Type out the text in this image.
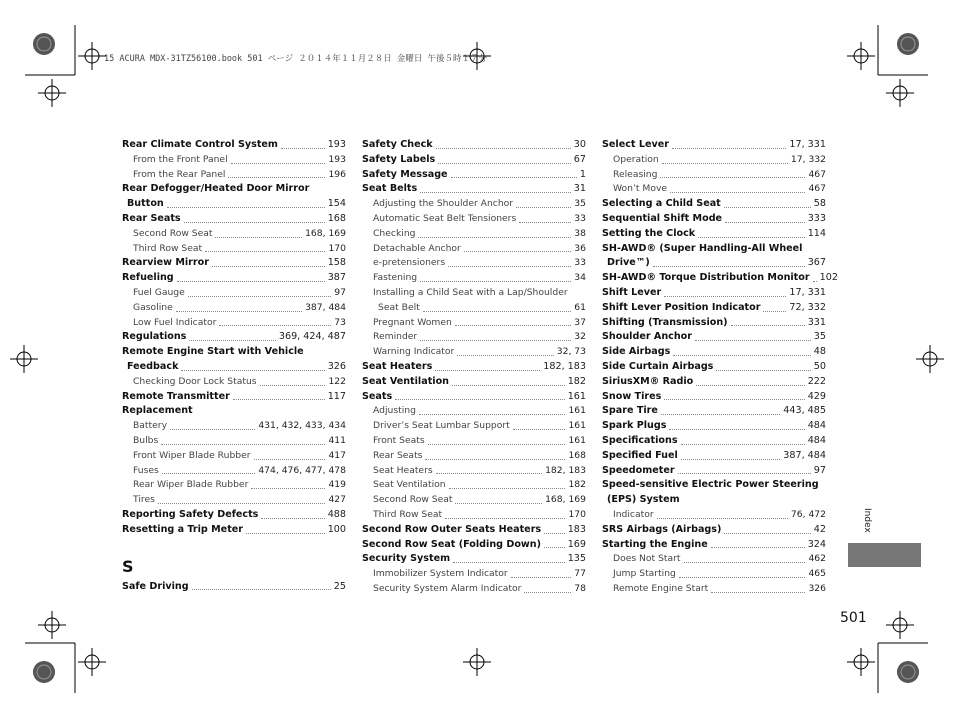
15 ACURA MDX-31TZ56100.book 501 ページ ２０１４年１１月２８日 金曜日 午後５時１７分
Rear Climate Control System	193
From the Front Panel	193
From the Rear Panel	196
Rear Defogger/Heated Door Mirror
Button	154
Rear Seats	168
Second Row Seat	168, 169
Third Row Seat	170
Rearview Mirror	158
Refueling	387
Fuel Gauge	97
Gasoline	387, 484
Low Fuel Indicator	73
Regulations	369, 424, 487
Remote Engine Start with Vehicle
Feedback	326
Checking Door Lock Status	122
Remote Transmitter	117
Replacement
Battery	431, 432, 433, 434
Bulbs	411
Front Wiper Blade Rubber	417
Fuses	474, 476, 477, 478
Rear Wiper Blade Rubber	419
Tires	427
Reporting Safety Defects	488
Resetting a Trip Meter	100
S
Safe Driving	25
Safety Check	30
Safety Labels	67
Safety Message	1
Seat Belts	31
Adjusting the Shoulder Anchor	35
Automatic Seat Belt Tensioners	33
Checking	38
Detachable Anchor	36
e-pretensioners	33
Fastening	34
Installing a Child Seat with a Lap/Shoulder
Seat Belt	61
Pregnant Women	37
Reminder	32
Warning Indicator	32, 73
Seat Heaters	182, 183
Seat Ventilation	182
Seats	161
Adjusting	161
Driver’s Seat Lumbar Support	161
Front Seats	161
Rear Seats	168
Seat Heaters	182, 183
Seat Ventilation	182
Second Row Seat	168, 169
Third Row Seat	170
Second Row Outer Seats Heaters	183
Second Row Seat (Folding Down)	169
Security System	135
Immobilizer System Indicator	77
Security System Alarm Indicator	78
Select Lever	17, 331
Operation	17, 332
Releasing	467
Won’t Move	467
Selecting a Child Seat	58
Sequential Shift Mode	333
Setting the Clock	114
SH-AWD® (Super Handling-All Wheel
Drive™)	367
SH-AWD® Torque Distribution Monitor 102
Shift Lever	17, 331
Shift Lever Position Indicator	72, 332
Shifting (Transmission)	331
Shoulder Anchor	35
Side Airbags	48
Side Curtain Airbags	50
SiriusXM® Radio	222
Snow Tires	429
Spare Tire	443, 485
Spark Plugs	484
Specifications	484
Specified Fuel	387, 484
Speedometer	97
Speed-sensitive Electric Power Steering
(EPS) System
Indicator	76, 472
SRS Airbags (Airbags)	42
Starting the Engine	324
Does Not Start	462
Jump Starting	465
Remote Engine Start	326
Index
501
